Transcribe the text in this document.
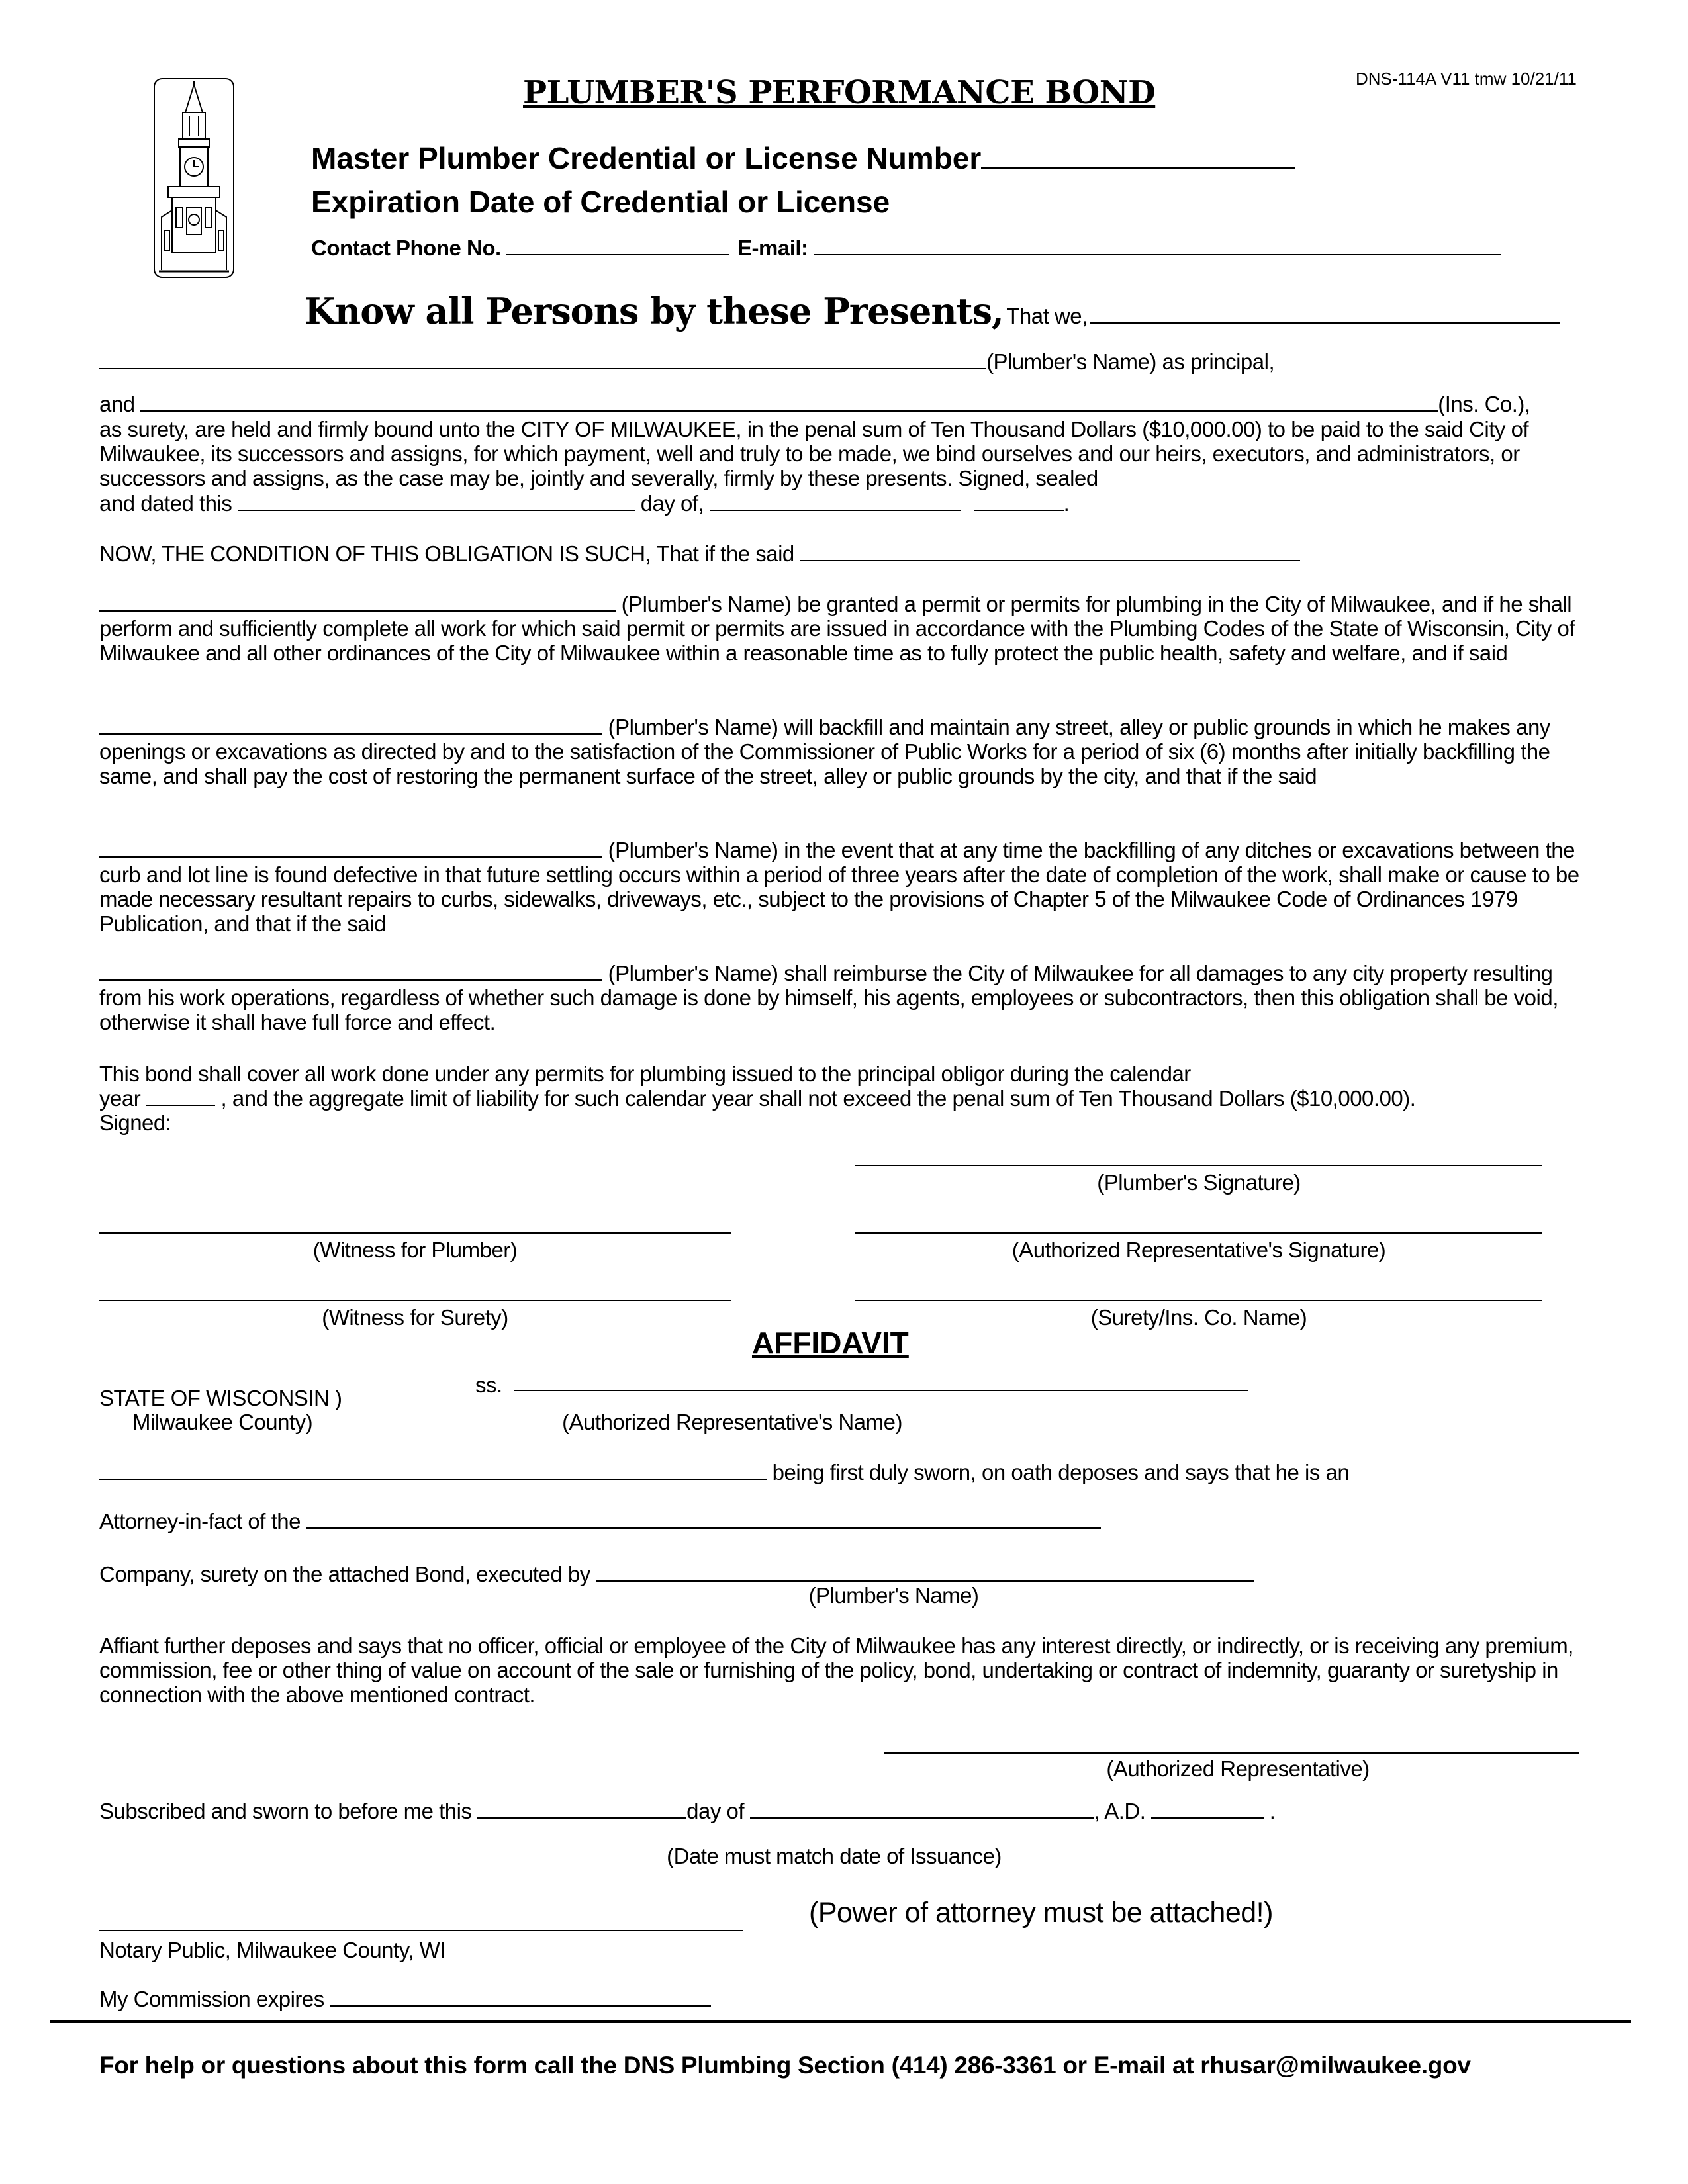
DNS-114A V11 tmw 10/21/11
PLUMBER'S PERFORMANCE BOND
Master Plumber Credential or License Number
Expiration Date of Credential or License
Contact Phone No.	E-mail:
Know all Persons by these Presents, That we,
(Plumber's Name) as principal,
and	(Ins. Co.),
as surety, are held and firmly bound unto the CITY OF MILWAUKEE, in the penal sum of Ten Thousand Dollars ($10,000.00) to be paid to the said City of Milwaukee, its successors and assigns, for which payment, well and truly to be made, we bind ourselves and our heirs, executors, and administrators, or successors and assigns, as the case may be, jointly and severally, firmly by these presents. Signed, sealed
and dated this	day of,	.
NOW, THE CONDITION OF THIS OBLIGATION IS SUCH, That if the said
(Plumber's Name) be granted a permit or permits for plumbing in the City of Milwaukee, and if he shall perform and sufficiently complete all work for which said permit or permits are issued in accordance with the Plumbing Codes of the State of Wisconsin, City of Milwaukee and all other ordinances of the City of Milwaukee within a reasonable time as to fully protect the public health, safety and welfare, and if said
(Plumber's Name) will backfill and maintain any street, alley or public grounds in which he makes any openings or excavations as directed by and to the satisfaction of the Commissioner of Public Works for a period of six (6) months after initially backfilling the same, and shall pay the cost of restoring the permanent surface of the street, alley or public grounds by the city, and that if the said
(Plumber's Name) in the event that at any time the backfilling of any ditches or excavations between the curb and lot line is found defective in that future settling occurs within a period of three years after the date of completion of the work, shall make or cause to be made necessary resultant repairs to curbs, sidewalks, driveways, etc., subject to the provisions of Chapter 5 of the Milwaukee Code of Ordinances 1979 Publication, and that if the said
(Plumber's Name) shall reimburse the City of Milwaukee for all damages to any city property resulting from his work operations, regardless of whether such damage is done by himself, his agents, employees or subcontractors, then this obligation shall be void, otherwise it shall have full force and effect.
This bond shall cover all work done under any permits for plumbing issued to the principal obligor during the calendar
year	, and the aggregate limit of liability for such calendar year shall not exceed the penal sum of Ten Thousand Dollars ($10,000.00).
Signed:
(Plumber's Signature)
(Witness for Plumber)	(Authorized Representative's Signature)
(Witness for Surety)	(Surety/Ins. Co. Name)
AFFIDAVIT
STATE OF WISCONSIN )
Milwaukee County)
ss.
(Authorized Representative's Name)
being first duly sworn, on oath deposes and says that he is an
Attorney-in-fact of the
Company, surety on the attached Bond, executed by
(Plumber's Name)
Affiant further deposes and says that no officer, official or employee of the City of Milwaukee has any interest directly, or indirectly, or is receiving any premium, commission, fee or other thing of value on account of the sale or furnishing of the policy, bond, undertaking or contract of indemnity, guaranty or suretyship in connection with the above mentioned contract.
(Authorized Representative)
Subscribed and sworn to before me this	day of	, A.D.	.
(Date must match date of Issuance)
Notary Public, Milwaukee County, WI
(Power of attorney must be attached!)
My Commission expires
For help or questions about this form call the DNS Plumbing Section (414) 286-3361 or E-mail at rhusar@milwaukee.gov
